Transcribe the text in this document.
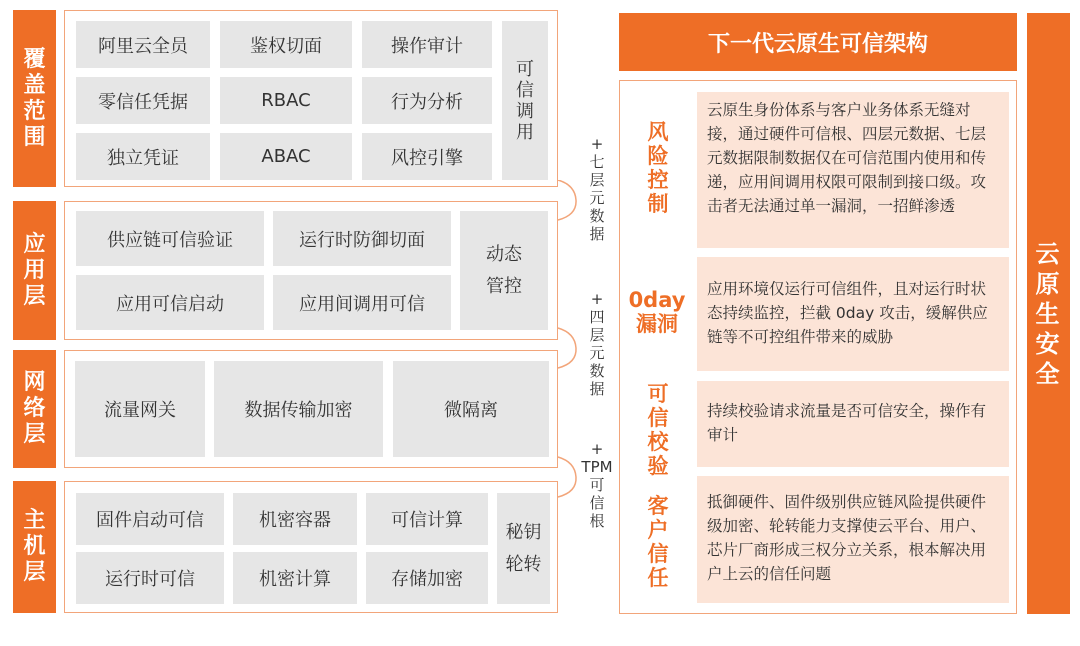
覆盖范围
阿里云全员	鉴权切面	操作审计
零信任凭据	RBAC	行为分析
独立凭证	ABAC	风控引擎
可信调用
应用层
供应链可信验证	运行时防御切面
应用可信启动	应用间调用可信
动态管控
网络层
流量网关	数据传输加密	微隔离
主机层
固件启动可信	机密容器	可信计算
运行时可信	机密计算	存储加密
秘钥轮转
+
七层元数据
+
四层元数据
+
TPM
可信根
下一代云原生可信架构
风险控制
云原生身份体系与客户业务体系无缝对接，通过硬件可信根、四层元数据、七层元数据限制数据仅在可信范围内使用和传递，应用间调用权限可限制到接口级。攻击者无法通过单一漏洞，一招鲜渗透
0day
漏洞
应用环境仅运行可信组件，且对运行时状态持续监控，拦截 0day 攻击，缓解供应链等不可控组件带来的威胁
可信校验
持续校验请求流量是否可信安全，操作有审计
客户信任
抵御硬件、固件级别供应链风险提供硬件级加密、轮转能力支撑使云平台、用户、芯片厂商形成三权分立关系，根本解决用户上云的信任问题
云原生安全
